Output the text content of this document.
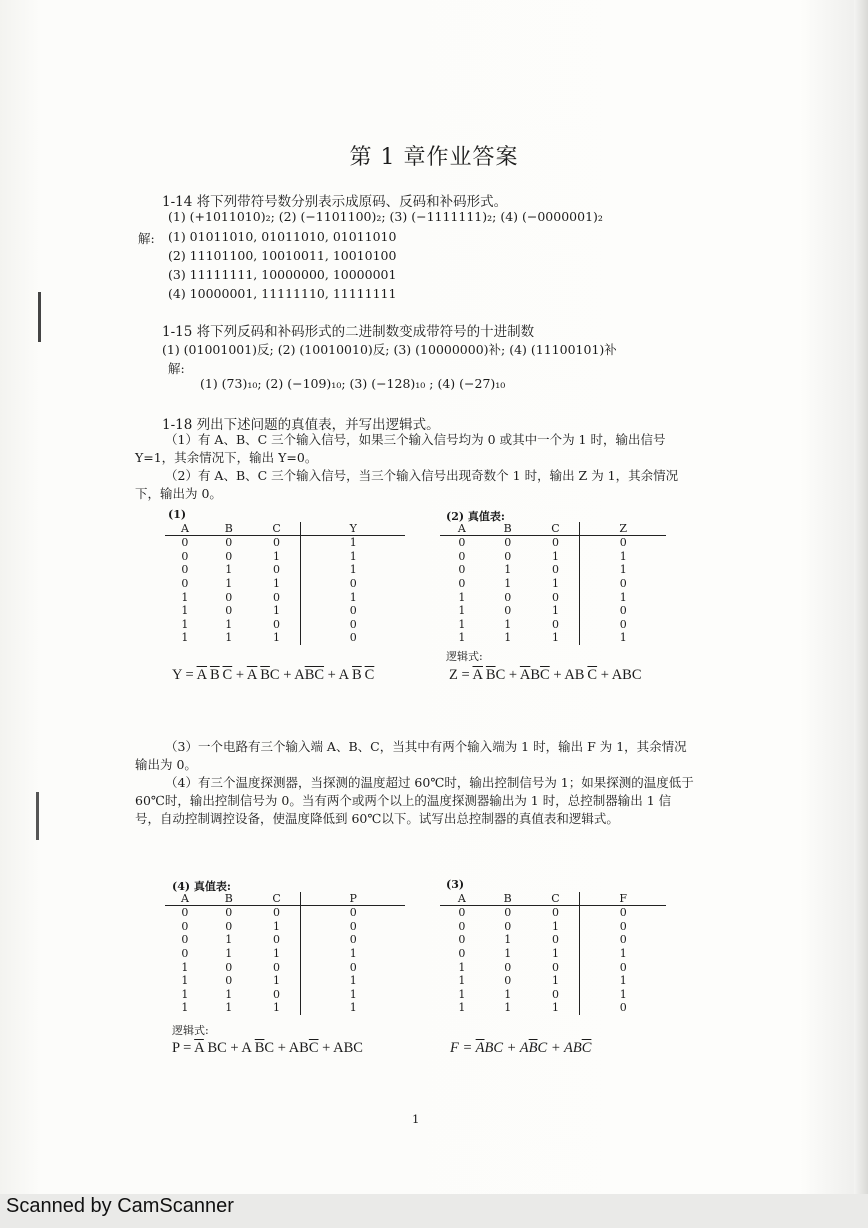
第 1 章作业答案
1-14 将下列带符号数分别表示成原码、反码和补码形式。
(1) (+1011010)₂; (2) (−1101100)₂; (3) (−1111111)₂; (4) (−0000001)₂
解: (1) 01011010, 01011010, 01011010
(2) 11101100, 10010011, 10010100
(3) 11111111, 10000000, 10000001
(4) 10000001, 11111110, 11111111
1-15 将下列反码和补码形式的二进制数变成带符号的十进制数
(1) (01001001)反; (2) (10010010)反; (3) (10000000)补; (4) (11100101)补
解:
(1) (73)₁₀; (2) (−109)₁₀; (3) (−128)₁₀ ; (4) (−27)₁₀
1-18 列出下述问题的真值表，并写出逻辑式。
（1）有 A、B、C 三个输入信号，如果三个输入信号均为 0 或其中一个为 1 时，输出信号 Y=1，其余情况下，输出 Y=0。
（2）有 A、B、C 三个输入信号，当三个输入信号出现奇数个 1 时，输出 Z 为 1，其余情况下，输出为 0。
(1)
A	B	C	Y
0	0	0	1
0	0	1	1
0	1	0	1
0	1	1	0
1	0	0	1
1	0	1	0
1	1	0	0
1	1	1	0
(2) 真值表:
A	B	C	Z
0	0	0	0
0	0	1	1
0	1	0	1
0	1	1	0
1	0	0	1
1	0	1	0
1	1	0	0
1	1	1	1
逻辑式:
$Y = \overline{A}$  $\overline{B}$  $\overline{C} + \overline{A}$  $\overline{B}C + A\overline{BC} + A$ $\overline{B}$  $\overline{C}$	$Z = \overline{A}$  $\overline{B}C + \overline{A}B\overline{C}$ + AB $\overline{C}$ + ABC
（3）一个电路有三个输入端 A、B、C，当其中有两个输入端为 1 时，输出 F 为 1，其余情况输出为 0。
（4）有三个温度探测器，当探测的温度超过 60℃时，输出控制信号为 1；如果探测的温度低于 60℃时，输出控制信号为 0。当有两个或两个以上的温度探测器输出为 1 时，总控制器输出 1 信号，自动控制调控设备，使温度降低到 60℃以下。试写出总控制器的真值表和逻辑式。
(4) 真值表:
A	B	C	P
0	0	0	0
0	0	1	0
0	1	0	0
0	1	1	1
1	0	0	0
1	0	1	1
1	1	0	1
1	1	1	1
(3)
A	B	C	F
0	0	0	0
0	0	1	0
0	1	0	0
0	1	1	1
1	0	0	0
1	0	1	1
1	1	0	1
1	1	1	0
逻辑式:
$P = \overline{A}$ BC + A $\overline{B}C + AB\overline{C}$ + ABC	$F = \overline{A}BC + A\overline{B}C + AB\overline{C}$
1
Scanned by CamScanner
